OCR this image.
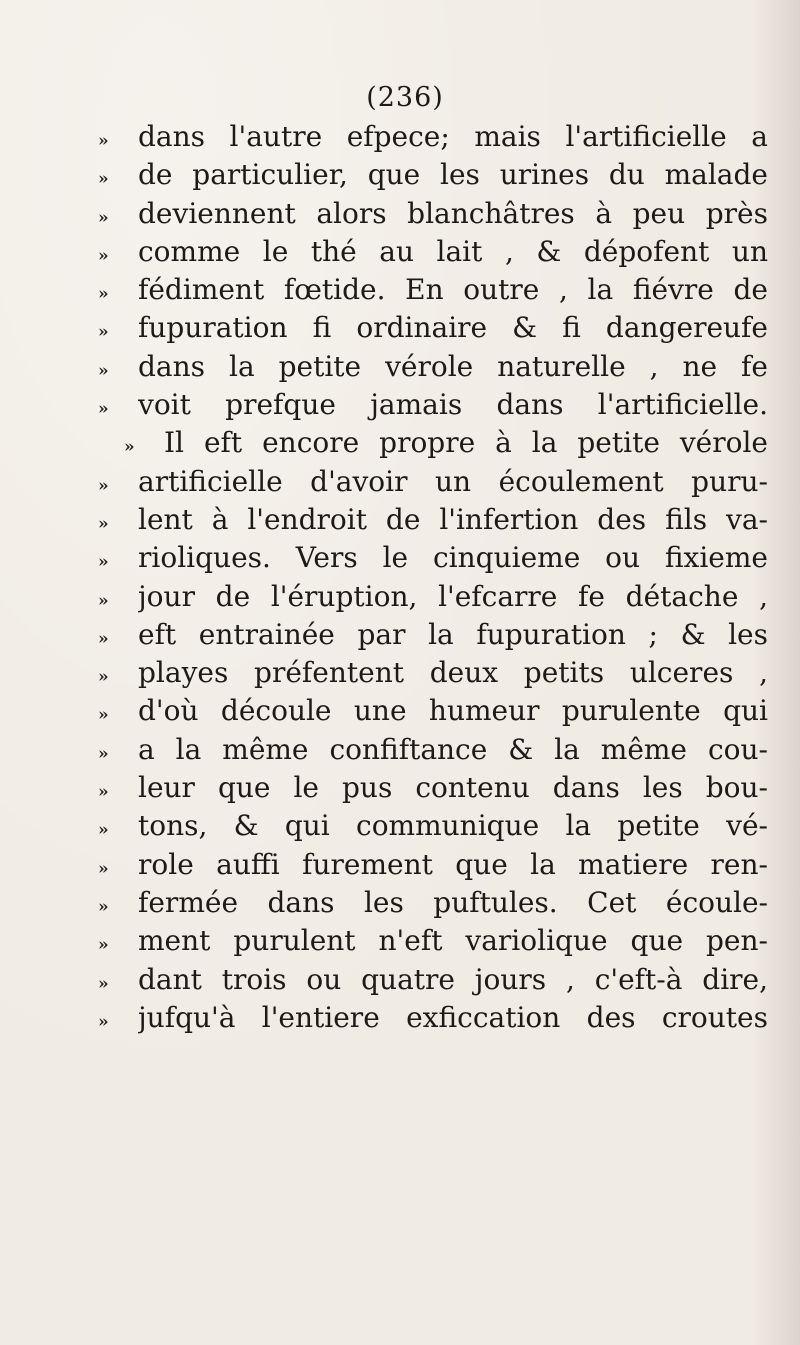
(236)
»	dans l'autre efpece; mais l'artificielle a
»	de particulier, que les urines du malade
»	deviennent alors blanchâtres à peu près
»	comme le thé au lait , & dépofent un
»	fédiment fœtide. En outre , la fiévre de
»	fupuration fi ordinaire & fi dangereufe
»	dans la petite vérole naturelle , ne fe
»	voit prefque jamais dans l'artificielle.
»	Il eft encore propre à la petite vérole
»	artificielle d'avoir un écoulement puru-
»	lent à l'endroit de l'infertion des fils va-
»	rioliques. Vers le cinquieme ou fixieme
»	jour de l'éruption, l'efcarre fe détache ,
»	eft entrainée par la fupuration ; & les
»	playes préfentent deux petits ulceres ,
»	d'où découle une humeur purulente qui
»	a la même confiftance & la même cou-
»	leur que le pus contenu dans les bou-
»	tons, & qui communique la petite vé-
»	role auffi furement que la matiere ren-
»	fermée dans les puftules. Cet écoule-
»	ment purulent n'eft variolique que pen-
»	dant trois ou quatre jours , c'eft-à dire,
»	jufqu'à l'entiere exficcation des croutes
